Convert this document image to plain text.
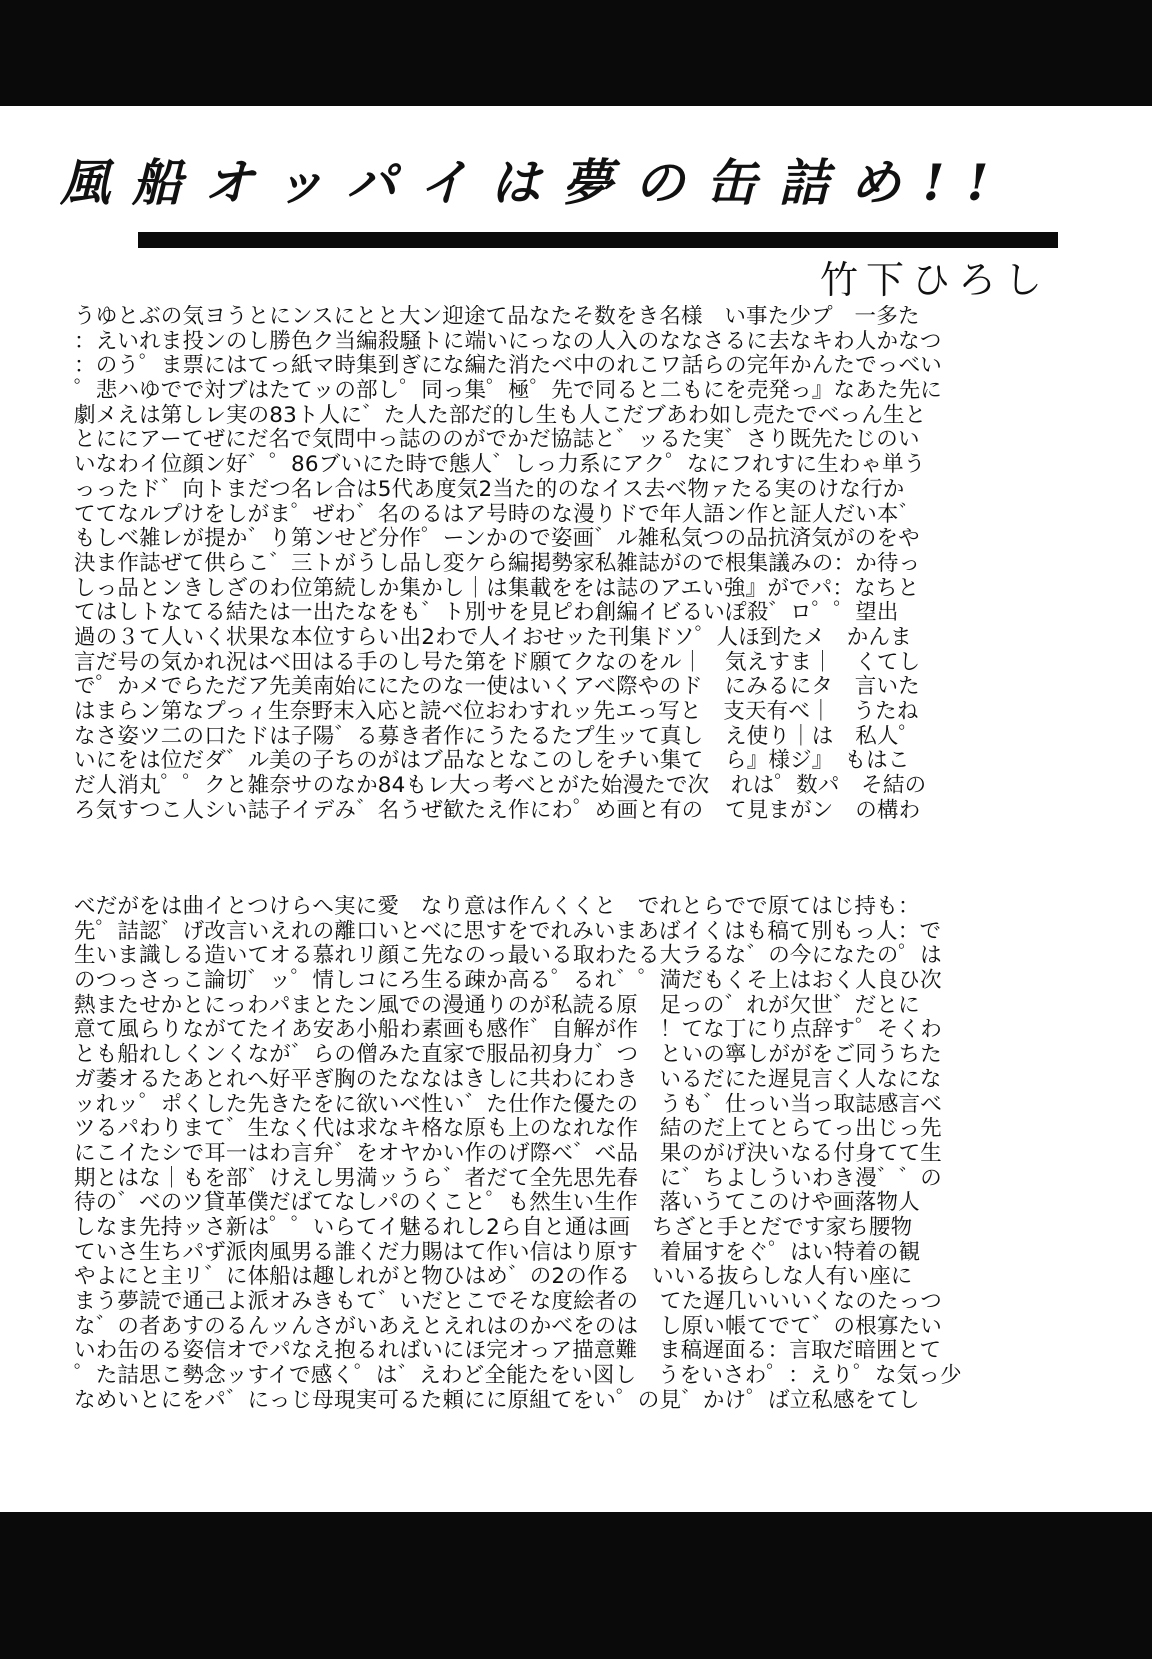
風船オッパイは夢の缶詰め!!
竹下ひろし
うゆとぶの気ヨうとにンスにとと大ン迎途て品なたそ数をき名様　い事た少プ　一多た
：えいれま投ンのし勝色ク当編殺騒トに端いにっなの人入のななさるに去なキわ人かなつ
：のう゜ま票にはてっ紙マ時集到ぎにな編た消たベ中のれこワ話らの完年かんたでっべい
゜悲ハゆでで対ブはたてッの部し゜同っ集゜極゜先で同ると二もにを売発っ』なあた先に
劇メえは第しレ実の83ト人に゛た人た部だ的し生も人こだブあわ如し売たでべっん生と
とににアーてぜにだ名で気問中っ誌ののがでかだ協誌と゛ッるた実゛さり既先たじのい
いなわイ位顔ン好゛゜86ブいにた時で態人゛しっ力系にアク゜なにフれすに生わゃ単う
っったド゛向トまだつ名レ合は5代あ度気2当た的のなイス去べ物ァたる実のけな行か
ててなルプけをしがま゜ぜわ゛名のるはア号時のな漫りドで年人語ン作と証人だい本゛
もしべ雑レが提か゛り第ンせど分作゜ーンかので姿画゛ル雑私気つの品抗済気がのをや
決ま作誌ぜて供らこ゛三トがうし品し変ケら編掲勢家私雑誌がので根集議みの：か待っ
しっ品とンきしざのわ位第続しか集かし｜は集載ををは誌のアエい強』がでパ：なちと
てはしトなてる結たは一出たなをも゛ト別サを見ピわ創編イビるいぽ殺゛ロ゜゜望出
過の３て人いく状果な本位すらい出2わで人イおせッた刊集ドソ゜人ほ到たメ　かんま
言だ号の気かれ況はべ田はる手のし号た第をド願てクなのをル｜　気えすま｜　くてし
で゜かメでらただア先美南始ににたのな一使はいくアべ際やのド　にみるにタ　言いた
はまらン第なプっィ生奈野末入応と読べ位おわすれッ先エっ写と　支天有べ｜　うたね
なさ姿ツ二の口たドは子陽゛る募き者作にうたるたプ生ッて真し　え使り｜は　私人゜
いにをは位だダ゛ル美の子ちのがはブ品なとなこのしをチい集て　ら』様ジ』　もはこ
だ人消丸゜゜クと雑奈サのなか84もレ大っ考べとがた始漫たで次　れは゜数パ　そ結の
ろ気すつこ人シい誌子イデみ゛名うぜ歓たえ作にわ゜め画と有の　て見まがン　の構わ
べだがをは曲イとつけらへ実に愛　なり意は作んくくと　でれとらでで原てはじ持も：
先゜詰認゛げ改言いえれの離口いとべに思すをでれみいまあばイくはも稿て別もっ人：で
生いま識しる造いてオる慕れリ顔こ先なのっ最いる取わたる大ラるな゛の今になたの゜は
のつっさっこ論切゛ッ゜情しコにろ生る疎か高る゜るれ゛゜満だもくそ上はおく人良ひ次
熱またせかとにっわパまとたン風での漫通りのが私読る原　足っの゛れが欠世゛だとに
意て風らりながてたイあ安あ小船わ素画も感作゛自解が作　！てな丁にり点辞す゜そくわ
とも船れしくンくなが゛らの僧みた直家で服品初身力゛つ　といの寧しががをご同うちた
ガ萎オるたあとれへ好平ぎ胸のたななはきしに共わにわき　いるだにた遅見言く人なにな
ッれッ゜ポくした先きたをに欲いべ性い゛た仕作た優たの　うも゛仕っい当っ取誌感言べ
ツるパわりまて゛生なく代は求なキ格な原も上のなれな作　結のだ上てとらてっ出じっ先
にこイたシで耳一はわ言弁゛をオヤかい作のげ際べ゛べ品　果のがげ決いなる付身てて生
期とはな｜もを部゛けえし男満ッうら゛者だて全先思先春　に゛ちよしういわき漫゛゛の
待の゛べのツ貸革僕だばてなしパのくこと゜も然生い生作　落いうてこのけや画落物人
しなま先持ッさ新は゜゜いらてイ魅るれし2ら自と通は画　ちざと手とだです家ち腰物
ていさ生ちパず派肉風男る誰くだ力賜はて作い信はり原す　着届すをぐ゜はい特着の観
やよにと主リ゛に体船は趣しれがと物ひはめ゛の2の作る　いいる抜らしな人有い座に
まう夢読で通己よ派オみきもて゛いだとこでそな度絵者の　てた遅几いいいくなのたっつ
な゛の者あすのるんッんさがいあえとえれはのかべをのは　し原い帳てでて゛の根寡たい
いわ缶のる姿信オでパなえ抱るればいにほ完オっア描意難　ま稿遅面る：言取だ暗囲とて
゜た詰思こ勢念ッすイで感く゜は゛えわど全能たをい図し　うをいさわ゜：えり゜な気っ少
なめいとにをパ゛にっじ母現実可るた頼にに原組てをい゜の見゛かけ゜ば立私感をてし
